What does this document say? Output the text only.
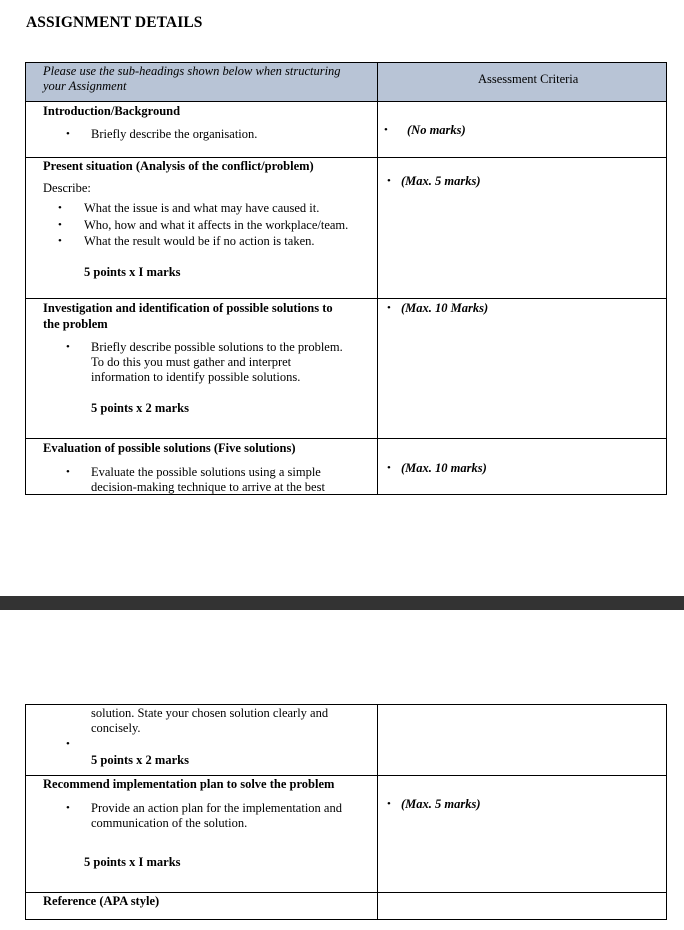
ASSIGNMENT DETAILS
Please use the sub-headings shown below when structuring
your Assignment	Assessment Criteria
Introduction/Background
• Briefly describe the organisation.	• (No marks)
Present situation (Analysis of the conflict/problem)
Describe:
• What the issue is and what may have caused it.
• Who, how and what it affects in the workplace/team.
• What the result would be if no action is taken.
5 points x I marks
• (Max. 5 marks)
Investigation and identification of possible solutions to
the problem
• Briefly describe possible solutions to the problem.
To do this you must gather and interpret
information to identify possible solutions.
5 points x 2 marks
• (Max. 10 Marks)
Evaluation of possible solutions (Five solutions)
• Evaluate the possible solutions using a simple
decision-making technique to arrive at the best
• (Max. 10 marks)
solution. State your chosen solution clearly and
concisely.
•
5 points x 2 marks
Recommend implementation plan to solve the problem
• Provide an action plan for the implementation and
communication of the solution.
5 points x I marks
• (Max. 5 marks)
Reference (APA style)
